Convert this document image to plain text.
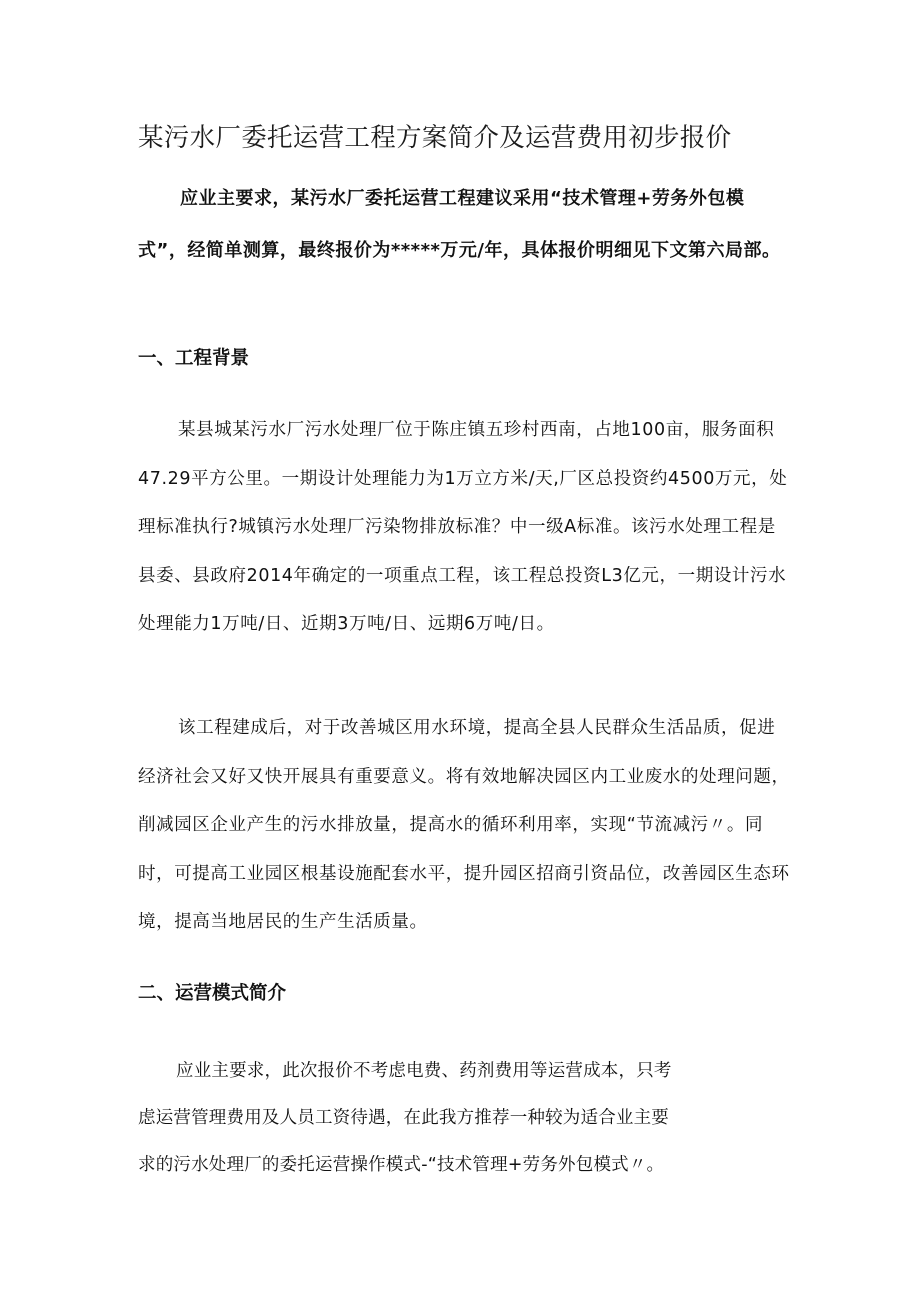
某污水厂委托运营工程方案简介及运营费用初步报价
应业主要求，某污水厂委托运营工程建议采用“技术管理+劳务外包模式”，经简单测算，最终报价为*****万元/年，具体报价明细见下文第六局部。
一、工程背景
某县城某污水厂污水处理厂位于陈庄镇五珍村西南，占地100亩，服务面积47.29平方公里。一期设计处理能力为1万立方米/天,厂区总投资约4500万元，处理标准执行?城镇污水处理厂污染物排放标准？中一级A标准。该污水处理工程是县委、县政府2014年确定的一项重点工程，该工程总投资L3亿元，一期设计污水处理能力1万吨/日、近期3万吨/日、远期6万吨/日。
该工程建成后，对于改善城区用水环境，提高全县人民群众生活品质，促进经济社会又好又快开展具有重要意义。将有效地解决园区内工业废水的处理问题，削减园区企业产生的污水排放量，提高水的循环利用率，实现“节流减污〃。同时，可提高工业园区根基设施配套水平，提升园区招商引资品位，改善园区生态环境，提高当地居民的生产生活质量。
二、运营模式简介
应业主要求，此次报价不考虑电费、药剂费用等运营成本，只考
虑运营管理费用及人员工资待遇，在此我方推荐一种较为适合业主要
求的污水处理厂的委托运营操作模式-“技术管理+劳务外包模式〃。
